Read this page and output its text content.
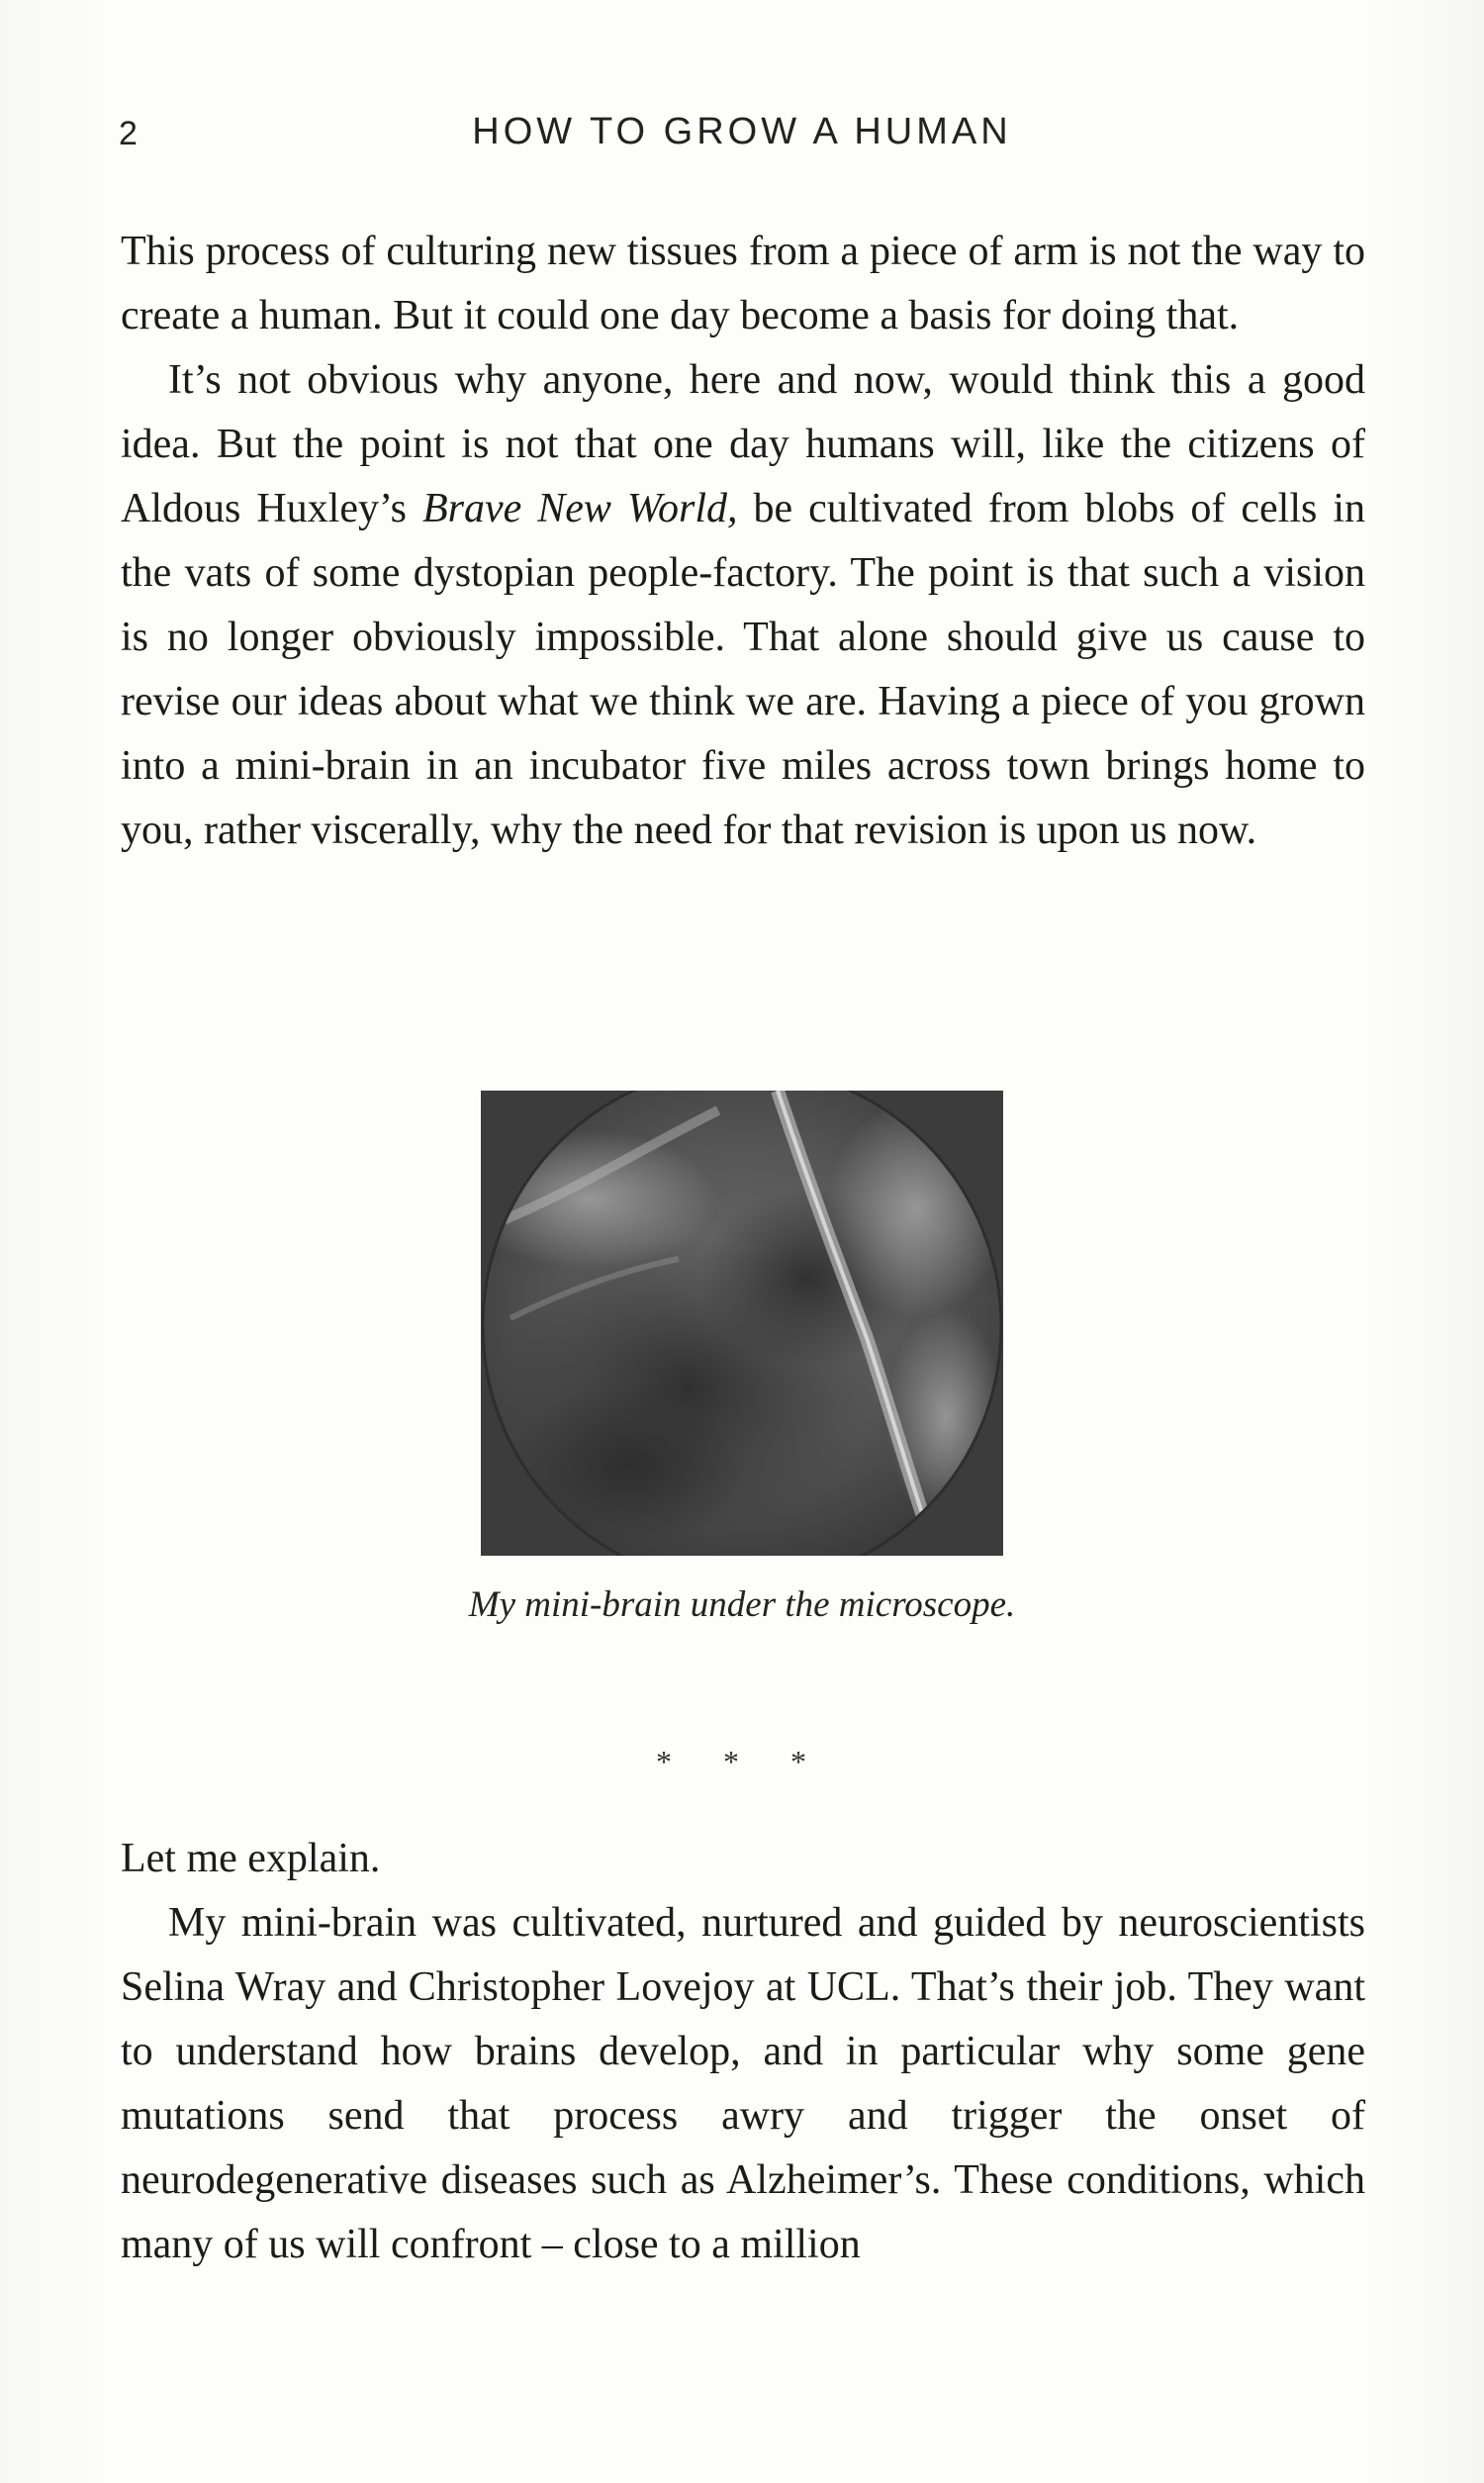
2	HOW TO GROW A HUMAN

This process of culturing new tissues from a piece of arm is not the way to create a human. But it could one day become a basis for doing that.

It’s not obvious why anyone, here and now, would think this a good idea. But the point is not that one day humans will, like the citizens of Aldous Huxley’s Brave New World, be cultivated from blobs of cells in the vats of some dystopian people-factory. The point is that such a vision is no longer obviously impossible. That alone should give us cause to revise our ideas about what we think we are. Having a piece of you grown into a mini-brain in an incubator five miles across town brings home to you, rather viscerally, why the need for that revision is upon us now.

My mini-brain under the microscope.
* * *

Let me explain.

My mini-brain was cultivated, nurtured and guided by neuroscientists Selina Wray and Christopher Lovejoy at UCL. That’s their job. They want to understand how brains develop, and in particular why some gene mutations send that process awry and trigger the onset of neurodegenerative diseases such as Alzheimer’s. These conditions, which many of us will confront – close to a million
